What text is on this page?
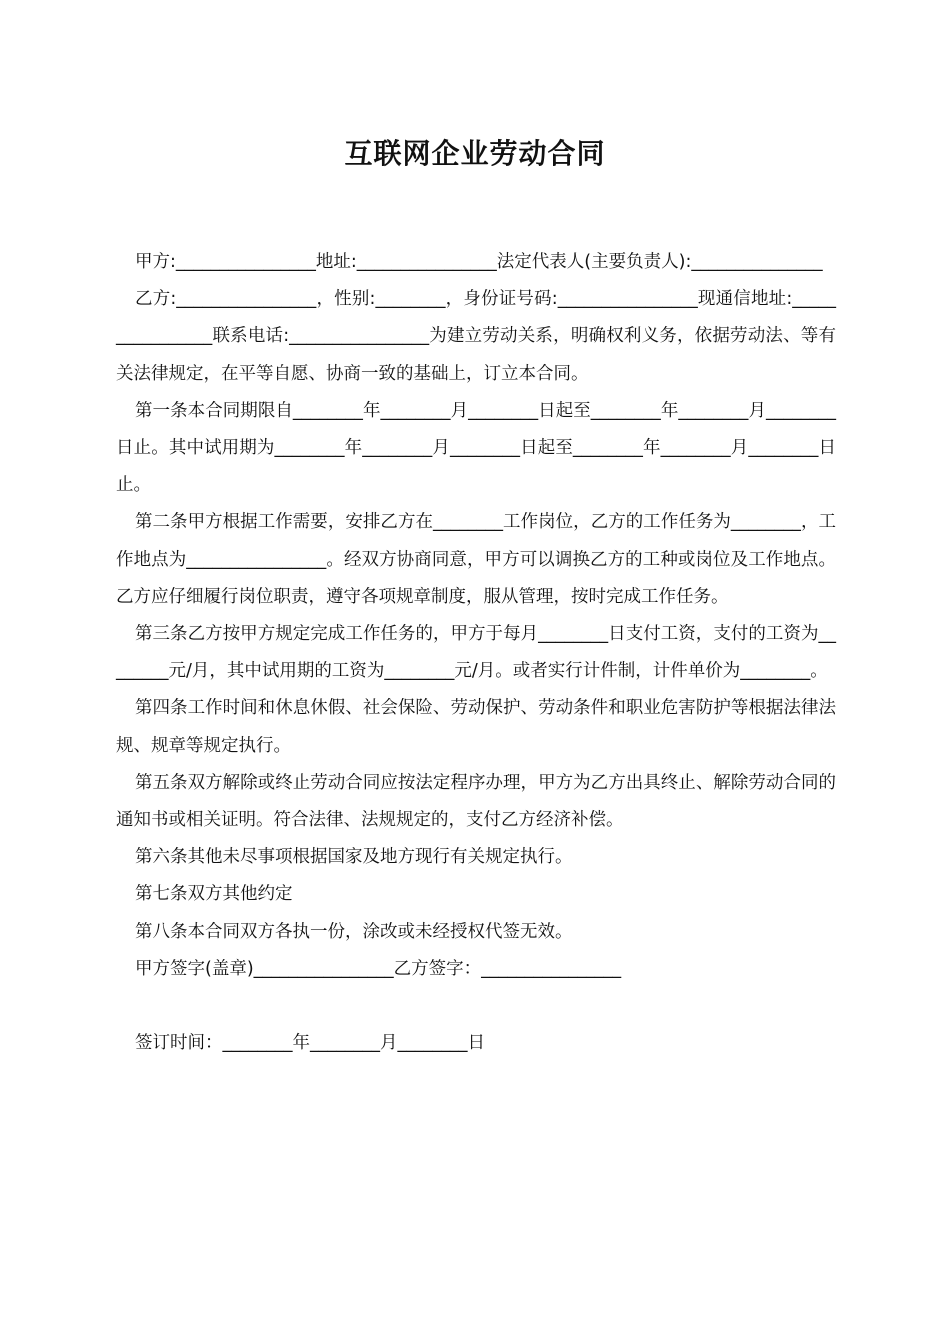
互联网企业劳动合同

甲方:________________地址:________________法定代表人(主要负责人):_______________

乙方:________________，性别:________，身份证号码:________________现通信地址:________________联系电话:________________为建立劳动关系，明确权利义务，依据劳动法、等有关法律规定，在平等自愿、协商一致的基础上，订立本合同。

第一条本合同期限自________年________月________日起至________年________月________日止。其中试用期为________年________月________日起至________年________月________日止。

第二条甲方根据工作需要，安排乙方在________工作岗位，乙方的工作任务为________，工作地点为________________。经双方协商同意，甲方可以调换乙方的工种或岗位及工作地点。乙方应仔细履行岗位职责，遵守各项规章制度，服从管理，按时完成工作任务。

第三条乙方按甲方规定完成工作任务的，甲方于每月________日支付工资，支付的工资为________元/月，其中试用期的工资为________元/月。或者实行计件制，计件单价为________。

第四条工作时间和休息休假、社会保险、劳动保护、劳动条件和职业危害防护等根据法律法规、规章等规定执行。

第五条双方解除或终止劳动合同应按法定程序办理，甲方为乙方出具终止、解除劳动合同的通知书或相关证明。符合法律、法规规定的，支付乙方经济补偿。

第六条其他未尽事项根据国家及地方现行有关规定执行。

第七条双方其他约定

第八条本合同双方各执一份，涂改或未经授权代签无效。

甲方签字(盖章)________________乙方签字：________________

签订时间：________年________月________日
